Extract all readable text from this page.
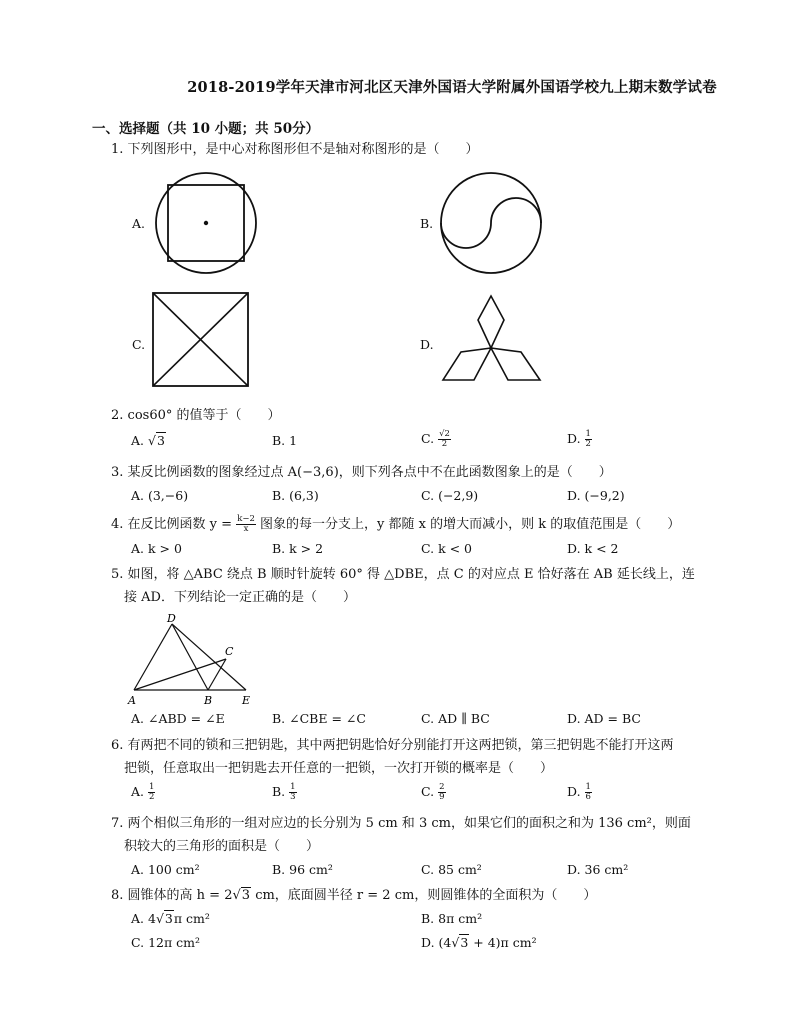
2018-2019学年天津市河北区天津外国语大学附属外国语学校九上期末数学试卷
一、选择题（共 10 小题；共 50分）
1. 下列图形中，是中心对称图形但不是轴对称图形的是（　　）
A.	B.
C.	D.
2. cos60° 的值等于（　　）
A. √3	B. 1	C. $\frac{√2}{2}$	D. $\frac{1}{2}$
3. 某反比例函数的图象经过点 A(−3,6)，则下列各点中不在此函数图象上的是（　　）
A. (3,−6)	B. (6,3)	C. (−2,9)	D. (−9,2)
4. 在反比例函数 $y = \frac{k-2}{x}$ 图象的每一分支上，y 都随 x 的增大而减小，则 k 的取值范围是（　　）
A. k > 0	B. k > 2	C. k < 0	D. k < 2
5. 如图，将 △ABC 绕点 B 顺时针旋转 60° 得 △DBE，点 C 的对应点 E 恰好落在 AB 延长线上，连
接 AD．下列结论一定正确的是（　　）
D
C
A	B	E
A. ∠ABD = ∠E	B. ∠CBE = ∠C	C. AD ∥ BC	D. AD = BC
6. 有两把不同的锁和三把钥匙，其中两把钥匙恰好分别能打开这两把锁，第三把钥匙不能打开这两
把锁，任意取出一把钥匙去开任意的一把锁，一次打开锁的概率是（　　）
A. $\frac{1}{2}$	B. $\frac{1}{3}$	C. $\frac{2}{9}$	D. $\frac{1}{6}$
7. 两个相似三角形的一组对应边的长分别为 5 cm 和 3 cm，如果它们的面积之和为 136 cm²，则面
积较大的三角形的面积是（　　）
A. 100 cm²	B. 96 cm²	C. 85 cm²	D. 36 cm²
8. 圆锥体的高 h = 2√3 cm，底面圆半径 r = 2 cm，则圆锥体的全面积为（　　）
A. 4√3π cm²	B. 8π cm²
C. 12π cm²	D. (4√3 + 4)π cm²
